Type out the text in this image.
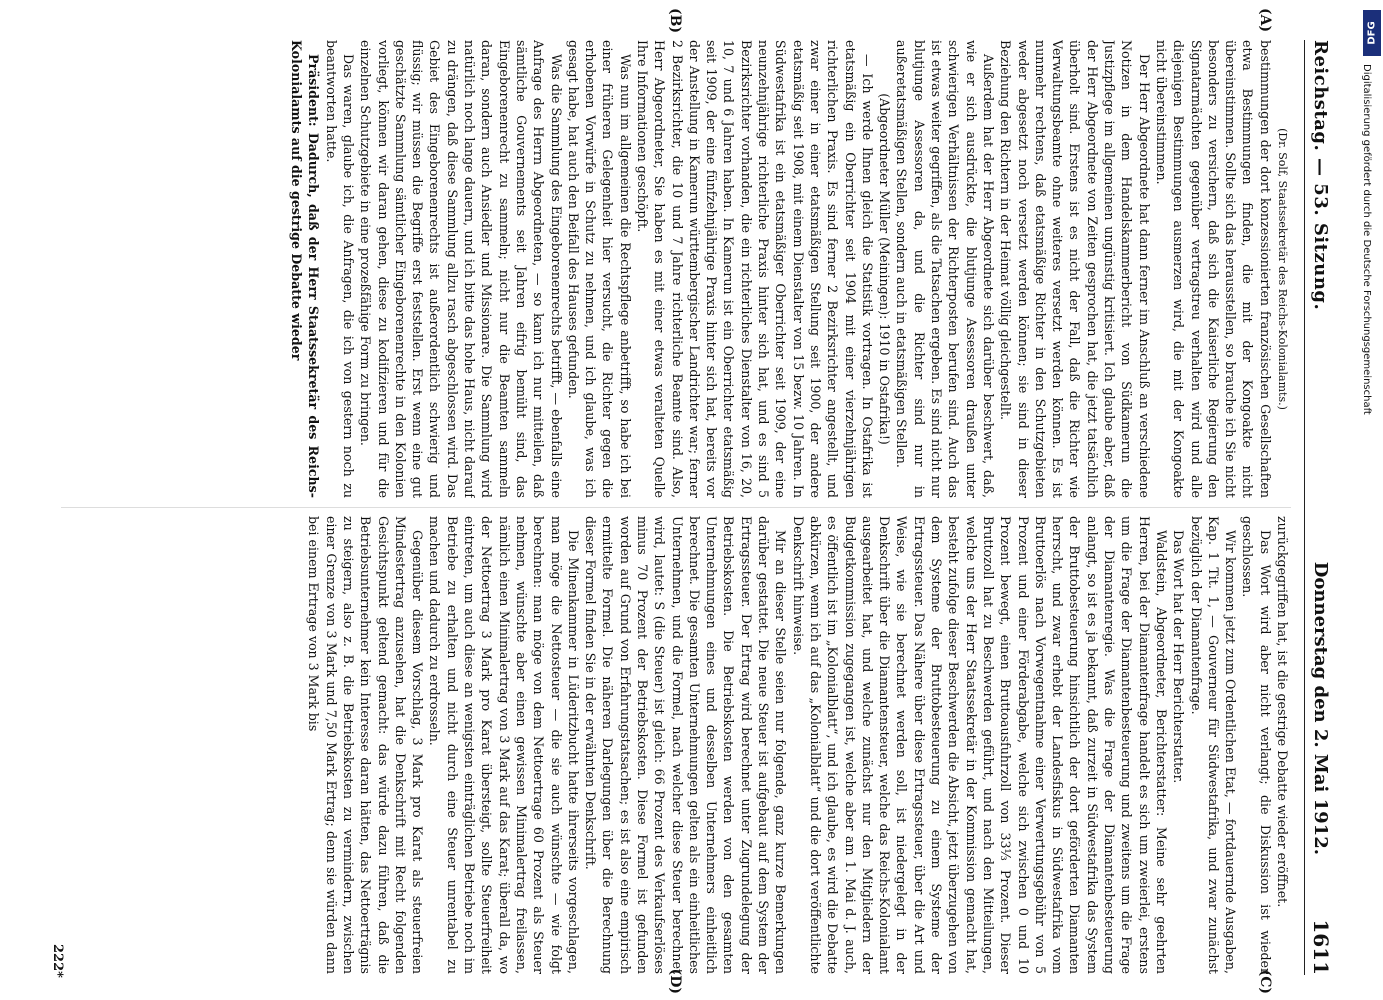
Reichstag. — 53. Sitzung.
Donnerstag den 2. Mai 1912.
1611
(A)
(B)
(C)
(D)

(Dr. Solf, Staatssekretär des Reichs-Kolonialamts.)

bestimmungen der dort konzessionierten französischen Gesellschaften etwa Bestimmungen finden, die mit der Kongoakte nicht übereinstimmen. Sollte sich das herausstellen, so brauche ich Sie nicht besonders zu versichern, daß sich die Kaiserliche Regierung den Signatarmächten gegenüber vertragstreu verhalten wird und alle diejenigen Bestimmungen ausmerzen wird, die mit der Kongoakte nicht übereinstimmen.

Der Herr Abgeordnete hat dann ferner im Anschluß an verschiedene Notizen in dem Handelskammerbericht von Südkamerun die Justizpflege im allgemeinen ungünstig kritisiert. Ich glaube aber, daß der Herr Abgeordnete von Zeiten gesprochen hat, die jetzt tatsächlich überholt sind. Erstens ist es nicht der Fall, daß die Richter wie Verwaltungsbeamte ohne weiteres versetzt werden können. Es ist nunmehr rechtens, daß etatsmäßige Richter in den Schutzgebieten weder abgesetzt noch versetzt werden können; sie sind in dieser Beziehung den Richtern in der Heimat völlig gleichgestellt.

Außerdem hat der Herr Abgeordnete sich darüber beschwert, daß, wie er sich ausdrückte, die blutjunge Assessoren draußen unter schwierigen Verhältnissen der Richterposten berufen sind. Auch das ist etwas weiter gegriffen, als die Tatsachen ergeben. Es sind nicht nur blutjunge Assessoren da, und die Richter sind nur in außeretatsmäßigen Stellen, sondern auch in etatsmäßigen Stellen.

(Abgeordneter Müller (Meiningen): 1910 in Ostafrika!)

— Ich werde Ihnen gleich die Statistik vortragen. In Ostafrika ist etatsmäßig ein Oberrichter seit 1904 mit einer vierzehnjährigen richterlichen Praxis. Es sind ferner 2 Bezirksrichter angestellt, und zwar einer in einer etatsmäßigen Stellung seit 1900, der andere etatsmäßig seit 1908, mit einem Dienstalter von 15 bezw. 10 Jahren. In Südwestafrika ist ein etatsmäßiger Oberrichter seit 1909, der eine neunzehnjährige richterliche Praxis hinter sich hat, und es sind 5 Bezirksrichter vorhanden, die ein richterliches Dienstalter von 16, 20, 10, 7 und 6 Jahren haben. In Kamerun ist ein Oberrichter etatsmäßig seit 1909, der eine fünfzehnjährige Praxis hinter sich hat, bereits vor der Anstellung in Kamerun württembergischer Landrichter war; ferner 2 Bezirksrichter, die 10 und 7 Jahre richterliche Beamte sind. Also, Herr Abgeordneter, Sie haben es mit einer etwas veralteten Quelle Ihre Informationen geschöpft.

Was nun im allgemeinen die Rechtspflege anbetrifft, so habe ich bei einer früheren Gelegenheit hier versucht, die Richter gegen die erhobenen Vorwürfe in Schutz zu nehmen, und ich glaube, was ich gesagt habe, hat auch den Beifall des Hauses gefunden.

Was die Sammlung des Eingeborenenrechts betrifft, — ebenfalls eine Anfrage des Herrn Abgeordneten, — so kann ich nur mitteilen, daß sämtliche Gouvernements seit Jahren eifrig bemüht sind, das Eingeborenenrecht zu sammeln; nicht nur die Beamten sammeln daran, sondern auch Ansiedler und Missionare. Die Sammlung wird natürlich noch lange dauern, und ich bitte das hohe Haus, nicht darauf zu drängen, daß diese Sammlung allzu rasch abgeschlossen wird. Das Gebiet des Eingeborenenrechts ist außerordentlich schwierig und flüssig; wir müssen die Begriffe erst feststellen. Erst wenn eine gut geschätzte Sammlung sämtlicher Eingeborenenrechte in den Kolonien vorliegt, können wir daran gehen, diese zu kodifizieren und für die einzelnen Schutzgebiete in eine prozeßfähige Form zu bringen.

Das waren, glaube ich, die Anfragen, die ich von gestern noch zu beantworten hatte.

Präsident: Dadurch, daß der Herr Staatssekretär des Reichs-Kolonialamts auf die gestrige Debatte wieder

zurückgegriffen hat, ist die gestrige Debatte wieder eröffnet.

Das Wort wird aber nicht verlangt; die Diskussion ist wieder geschlossen.

Wir kommen jetzt zum Ordentlichen Etat, — fortdauernde Ausgaben, Kap. 1 Tit. 1, — Gouverneur für Südwestafrika, und zwar zunächst bezüglich der Diamantenfrage.

Das Wort hat der Herr Berichterstatter.

Waldstein, Abgeordneter, Berichterstatter: Meine sehr geehrten Herren, bei der Diamantenfrage handelt es sich um zweierlei, erstens um die Frage der Diamantenbesteuerung und zweitens um die Frage der Diamantenregie. Was die Frage der Diamantenbesteuerung anlangt, so ist es ja bekannt, daß zurzeit in Südwestafrika das System der Bruttobesteuerung hinsichtlich der dort geförderten Diamanten herrscht, und zwar erhebt der Landesfiskus in Südwestafrika vom Bruttoerlös nach Vorwegentnahme einer Verwertungsgebühr von 5 Prozent und einer Förderabgabe, welche sich zwischen 0 und 10 Prozent bewegt, einen Bruttoausfuhrzoll von 33⅓ Prozent. Dieser Bruttozoll hat zu Beschwerden geführt, und nach den Mitteilungen, welche uns der Herr Staatssekretär in der Kommission gemacht hat, besteht zufolge dieser Beschwerden die Absicht, jetzt überzugehen von dem Systeme der Bruttobesteuerung zu einem Systeme der Ertragssteuer. Das Nähere über diese Ertragssteuer, über die Art und Weise, wie sie berechnet werden soll, ist niedergelegt in der Denkschrift über die Diamantensteuer, welche das Reichs-Kolonialamt ausgearbeitet hat, und welche zunächst nur den Mitgliedern der Budgetkommission zugegangen ist, welche aber am 1. Mai d. J. auch, es öffentlich ist im „Kolonialblatt“, und ich glaube, es wird die Debatte abkürzen, wenn ich auf das „Kolonialblatt“ und die dort veröffentlichte Denkschrift hinweise.

Mir an dieser Stelle seien nur folgende, ganz kurze Bemerkungen darüber gestattet. Die neue Steuer ist aufgebaut auf dem System der Ertragssteuer. Der Ertrag wird berechnet unter Zugrundelegung der Betriebskosten. Die Betriebskosten werden von den gesamten Unternehmungen eines und desselben Unternehmers einheitlich berechnet. Die gesamten Unternehmungen gelten als ein einheitliches Unternehmen, und die Formel, nach welcher diese Steuer berechnet wird, lautet: S (die Steuer) ist gleich: 66 Prozent des Verkaufserlöses minus 70 Prozent der Betriebskosten. Diese Formel ist gefunden worden auf Grund von Erfahrungstatsachen; es ist also eine empirisch ermittelte Formel. Die näheren Darlegungen über die Berechnung dieser Formel finden Sie in der erwähnten Denkschrift.

Die Minenkammer in Lüderitzbucht hatte ihrerseits vorgeschlagen, man möge die Nettosteuer — die sie auch wünschte — wie folgt berechnen: man möge von dem Nettoertrage 60 Prozent als Steuer nehmen, wünschte aber einen gewissen Minimalertrag freilassen, nämlich einen Minimalertrag von 3 Mark auf das Karat; überall da, wo der Nettoertrag 3 Mark pro Karat übersteigt, sollte Steuerfreiheit eintreten, um auch diese an wenigsten einträglichen Betriebe noch im Betriebe zu erhalten und nicht durch eine Steuer unrentabel zu machen und dadurch zu erdrosseln.

Gegenüber diesem Vorschlag, 3 Mark pro Karat als steuerfreien Mindestertrag anzusehen, hat die Denkschrift mit Recht folgenden Gesichtspunkt geltend gemacht: das würde dazu führen, daß die Betriebsunternehmer kein Interesse daran hätten, das Nettoerträgnis zu steigern, also z. B. die Betriebskosten zu vermindern, zwischen einer Grenze von 3 Mark und 7,50 Mark Ertrag; denn sie würden dann bei einem Ertrage von 3 Mark bis

222*
DFG
Digitalisierung gefördert durch die Deutsche Forschungsgemeinschaft
